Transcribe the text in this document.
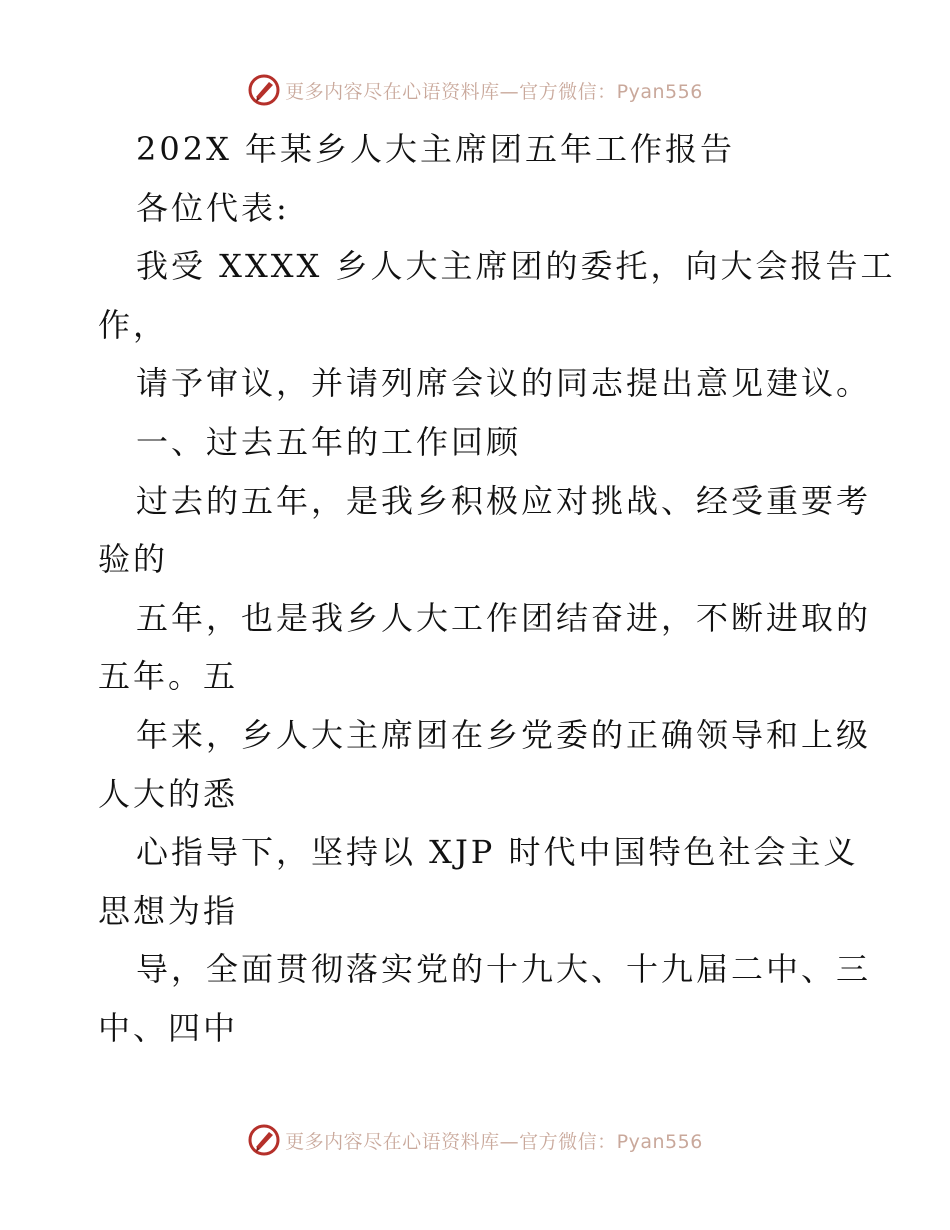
更多内容尽在心语资料库—官方微信：Pyan556
202X 年某乡人大主席团五年工作报告
各位代表:
我受 XXXX 乡人大主席团的委托，向大会报告工
作，
请予审议，并请列席会议的同志提出意见建议。
一、过去五年的工作回顾
过去的五年，是我乡积极应对挑战、经受重要考
验的
五年，也是我乡人大工作团结奋进，不断进取的
五年。五
年来，乡人大主席团在乡党委的正确领导和上级
人大的悉
心指导下，坚持以 XJP 时代中国特色社会主义
思想为指
导，全面贯彻落实党的十九大、十九届二中、三
中、四中
更多内容尽在心语资料库—官方微信：Pyan556
